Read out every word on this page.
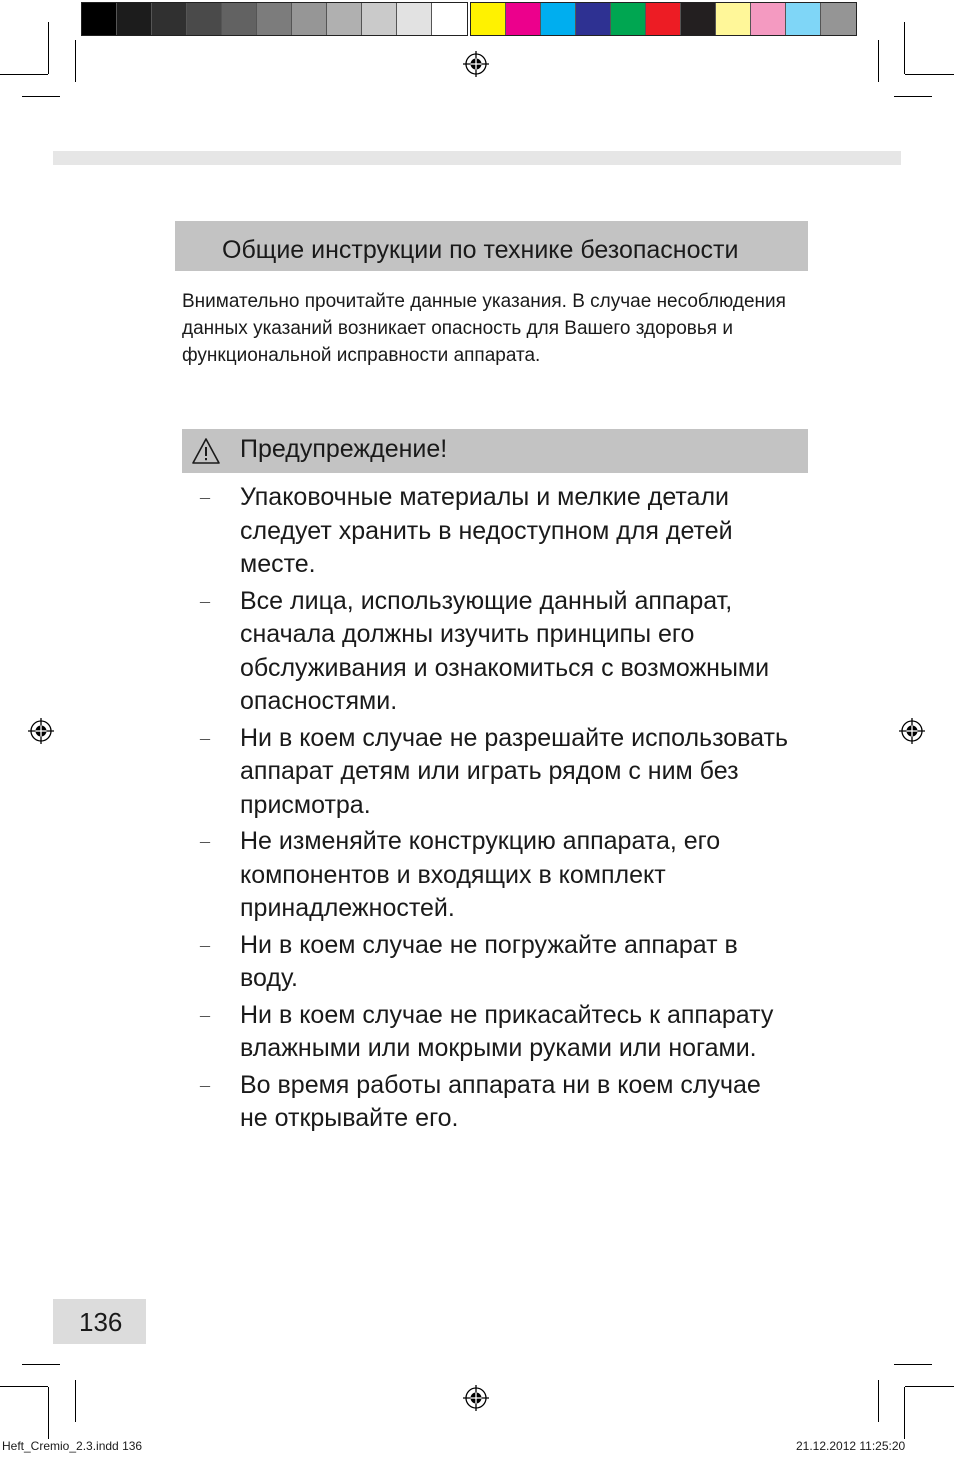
Общие инструкции по технике безопасности
Внимательно прочитайте данные указания. В случае несоблюдения данных указаний возникает опасность для Вашего здоровья и функциональной исправности аппарата.
Предупреждение!
– Упаковочные материалы и мелкие детали следует хранить в недоступном для детей месте.
– Все лица, использующие данный аппарат, сначала должны изучить принципы его обслуживания и ознакомиться с возможными опасностями.
– Ни в коем случае не разрешайте использовать аппарат детям или играть рядом с ним без присмотра.
– Не изменяйте конструкцию аппарата, его компонентов и входящих в комплект принадлежностей.
– Ни в коем случае не погружайте аппарат в воду.
– Ни в коем случае не прикасайтесь к аппарату влажными или мокрыми руками или ногами.
– Во время работы аппарата ни в коем случае не открывайте его.
136
Heft_Cremio_2.3.indd 136	21.12.2012 11:25:20
